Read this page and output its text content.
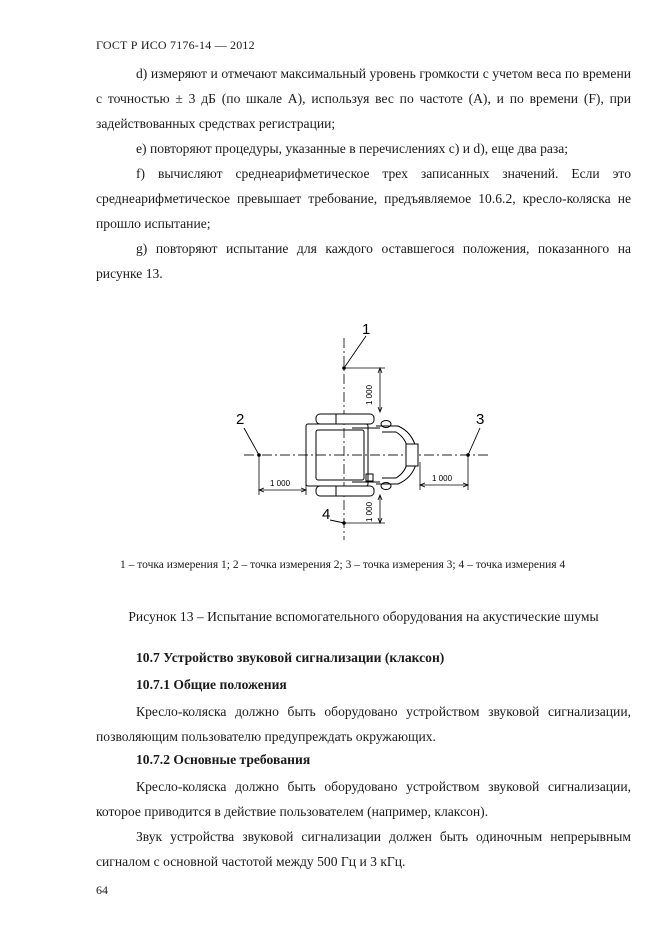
ГОСТ Р ИСО 7176-14 — 2012

d) измеряют и отмечают максимальный уровень громкости с учетом веса по времени с точностью ± 3 дБ (по шкале A), используя вес по частоте (A), и по времени (F), при задействованных средствах регистрации;

e) повторяют процедуры, указанные в перечислениях с) и d), еще два раза;

f) вычисляют среднеарифметическое трех записанных значений. Если это среднеарифметическое превышает требование, предъявляемое 10.6.2, кресло-коляска не прошло испытание;

g) повторяют испытание для каждого оставшегося положения, показанного на рисунке 13.

1
2	3
4
1 000
1 000
1 000
1 000
1 – точка измерения 1; 2 – точка измерения 2; 3 – точка измерения 3; 4 – точка измерения 4
Рисунок 13 – Испытание вспомогательного оборудования на акустические шумы
10.7 Устройство звуковой сигнализации (клаксон)
10.7.1 Общие положения

Кресло-коляска должно быть оборудовано устройством звуковой сигнализации, позволяющим пользователю предупреждать окружающих.

10.7.2 Основные требования

Кресло-коляска должно быть оборудовано устройством звуковой сигнализации, которое приводится в действие пользователем (например, клаксон).

Звук устройства звуковой сигнализации должен быть одиночным непрерывным сигналом с основной частотой между 500 Гц и 3 кГц.

64
